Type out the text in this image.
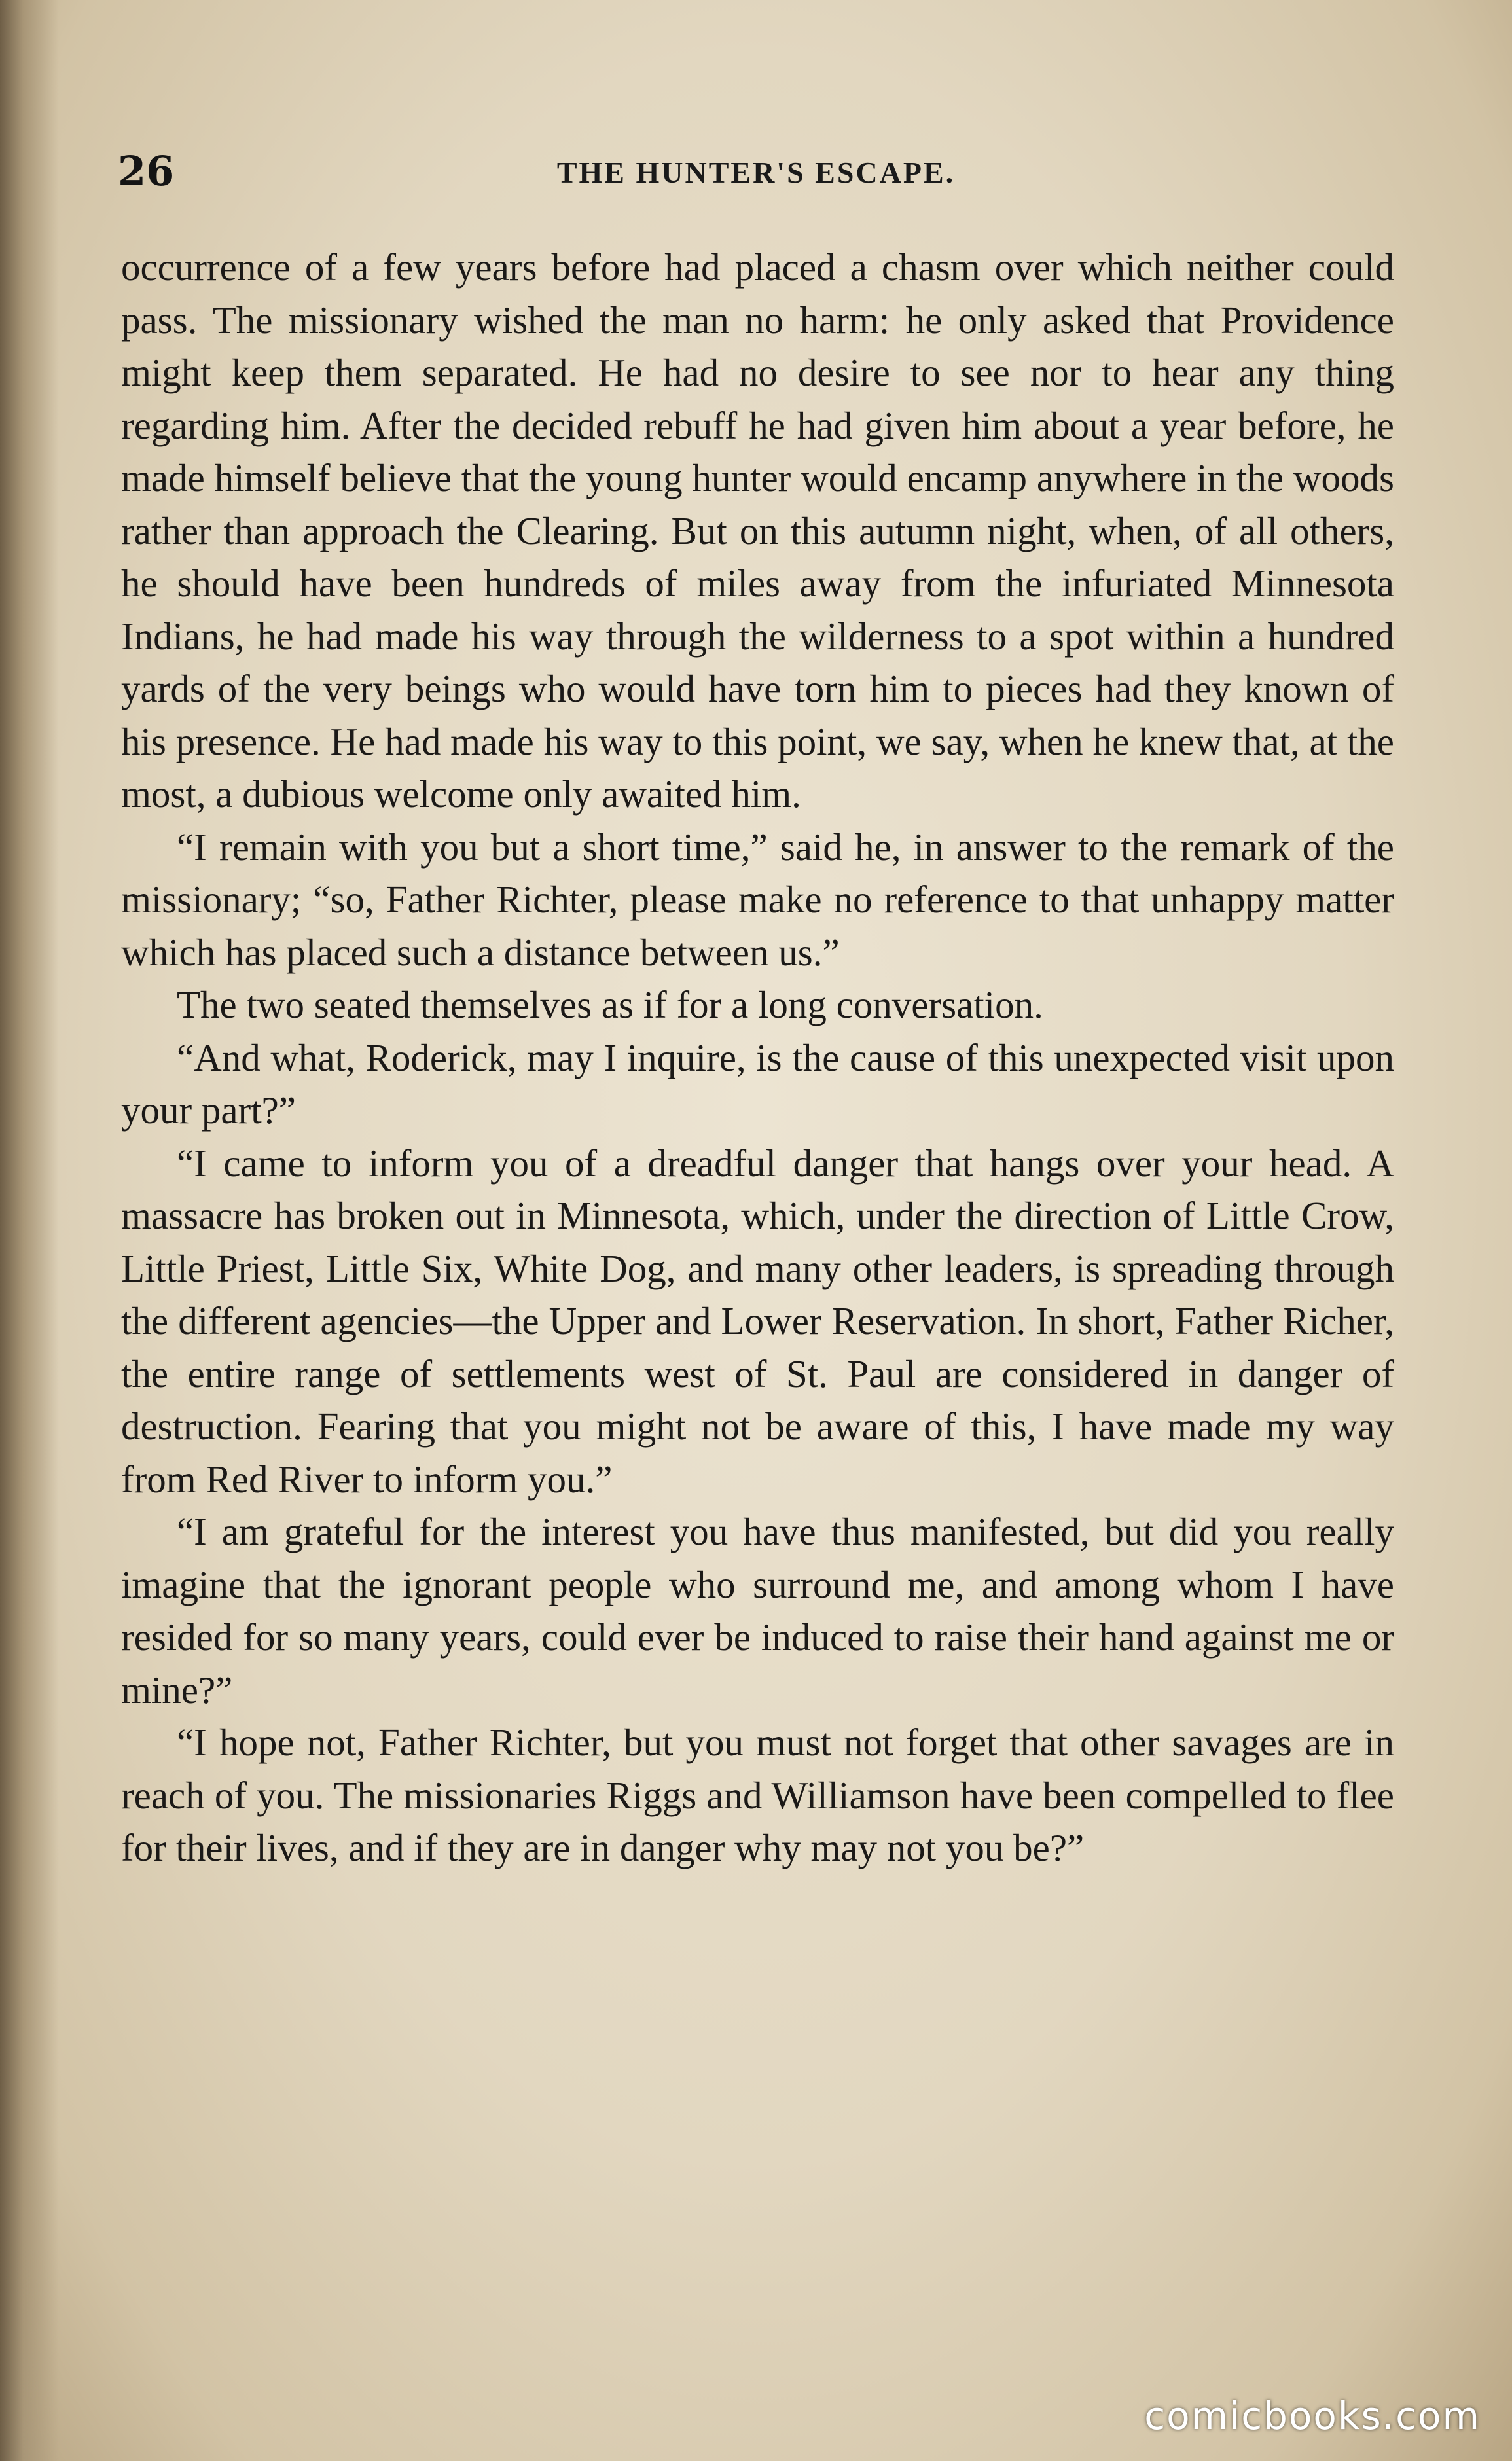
26	THE HUNTER'S ESCAPE.

occurrence of a few years before had placed a chasm over which neither could pass. The missionary wished the man no harm: he only asked that Providence might keep them separated. He had no desire to see nor to hear any thing regarding him. After the decided rebuff he had given him about a year before, he made himself believe that the young hunter would encamp anywhere in the woods rather than approach the Clearing. But on this autumn night, when, of all others, he should have been hundreds of miles away from the infuriated Minnesota Indians, he had made his way through the wilderness to a spot within a hundred yards of the very beings who would have torn him to pieces had they known of his presence. He had made his way to this point, we say, when he knew that, at the most, a dubious welcome only awaited him.

“I remain with you but a short time,” said he, in answer to the remark of the missionary; “so, Father Richter, please make no reference to that unhappy matter which has placed such a distance between us.”

The two seated themselves as if for a long conversation.

“And what, Roderick, may I inquire, is the cause of this unexpected visit upon your part?”

“I came to inform you of a dreadful danger that hangs over your head. A massacre has broken out in Minnesota, which, under the direction of Little Crow, Little Priest, Little Six, White Dog, and many other leaders, is spreading through the different agencies—the Upper and Lower Reservation. In short, Father Richer, the entire range of settlements west of St. Paul are considered in danger of destruction. Fearing that you might not be aware of this, I have made my way from Red River to inform you.”

“I am grateful for the interest you have thus manifested, but did you really imagine that the ignorant people who surround me, and among whom I have resided for so many years, could ever be induced to raise their hand against me or mine?”

“I hope not, Father Richter, but you must not forget that other savages are in reach of you. The missionaries Riggs and Williamson have been compelled to flee for their lives, and if they are in danger why may not you be?”

comicbooks.com
